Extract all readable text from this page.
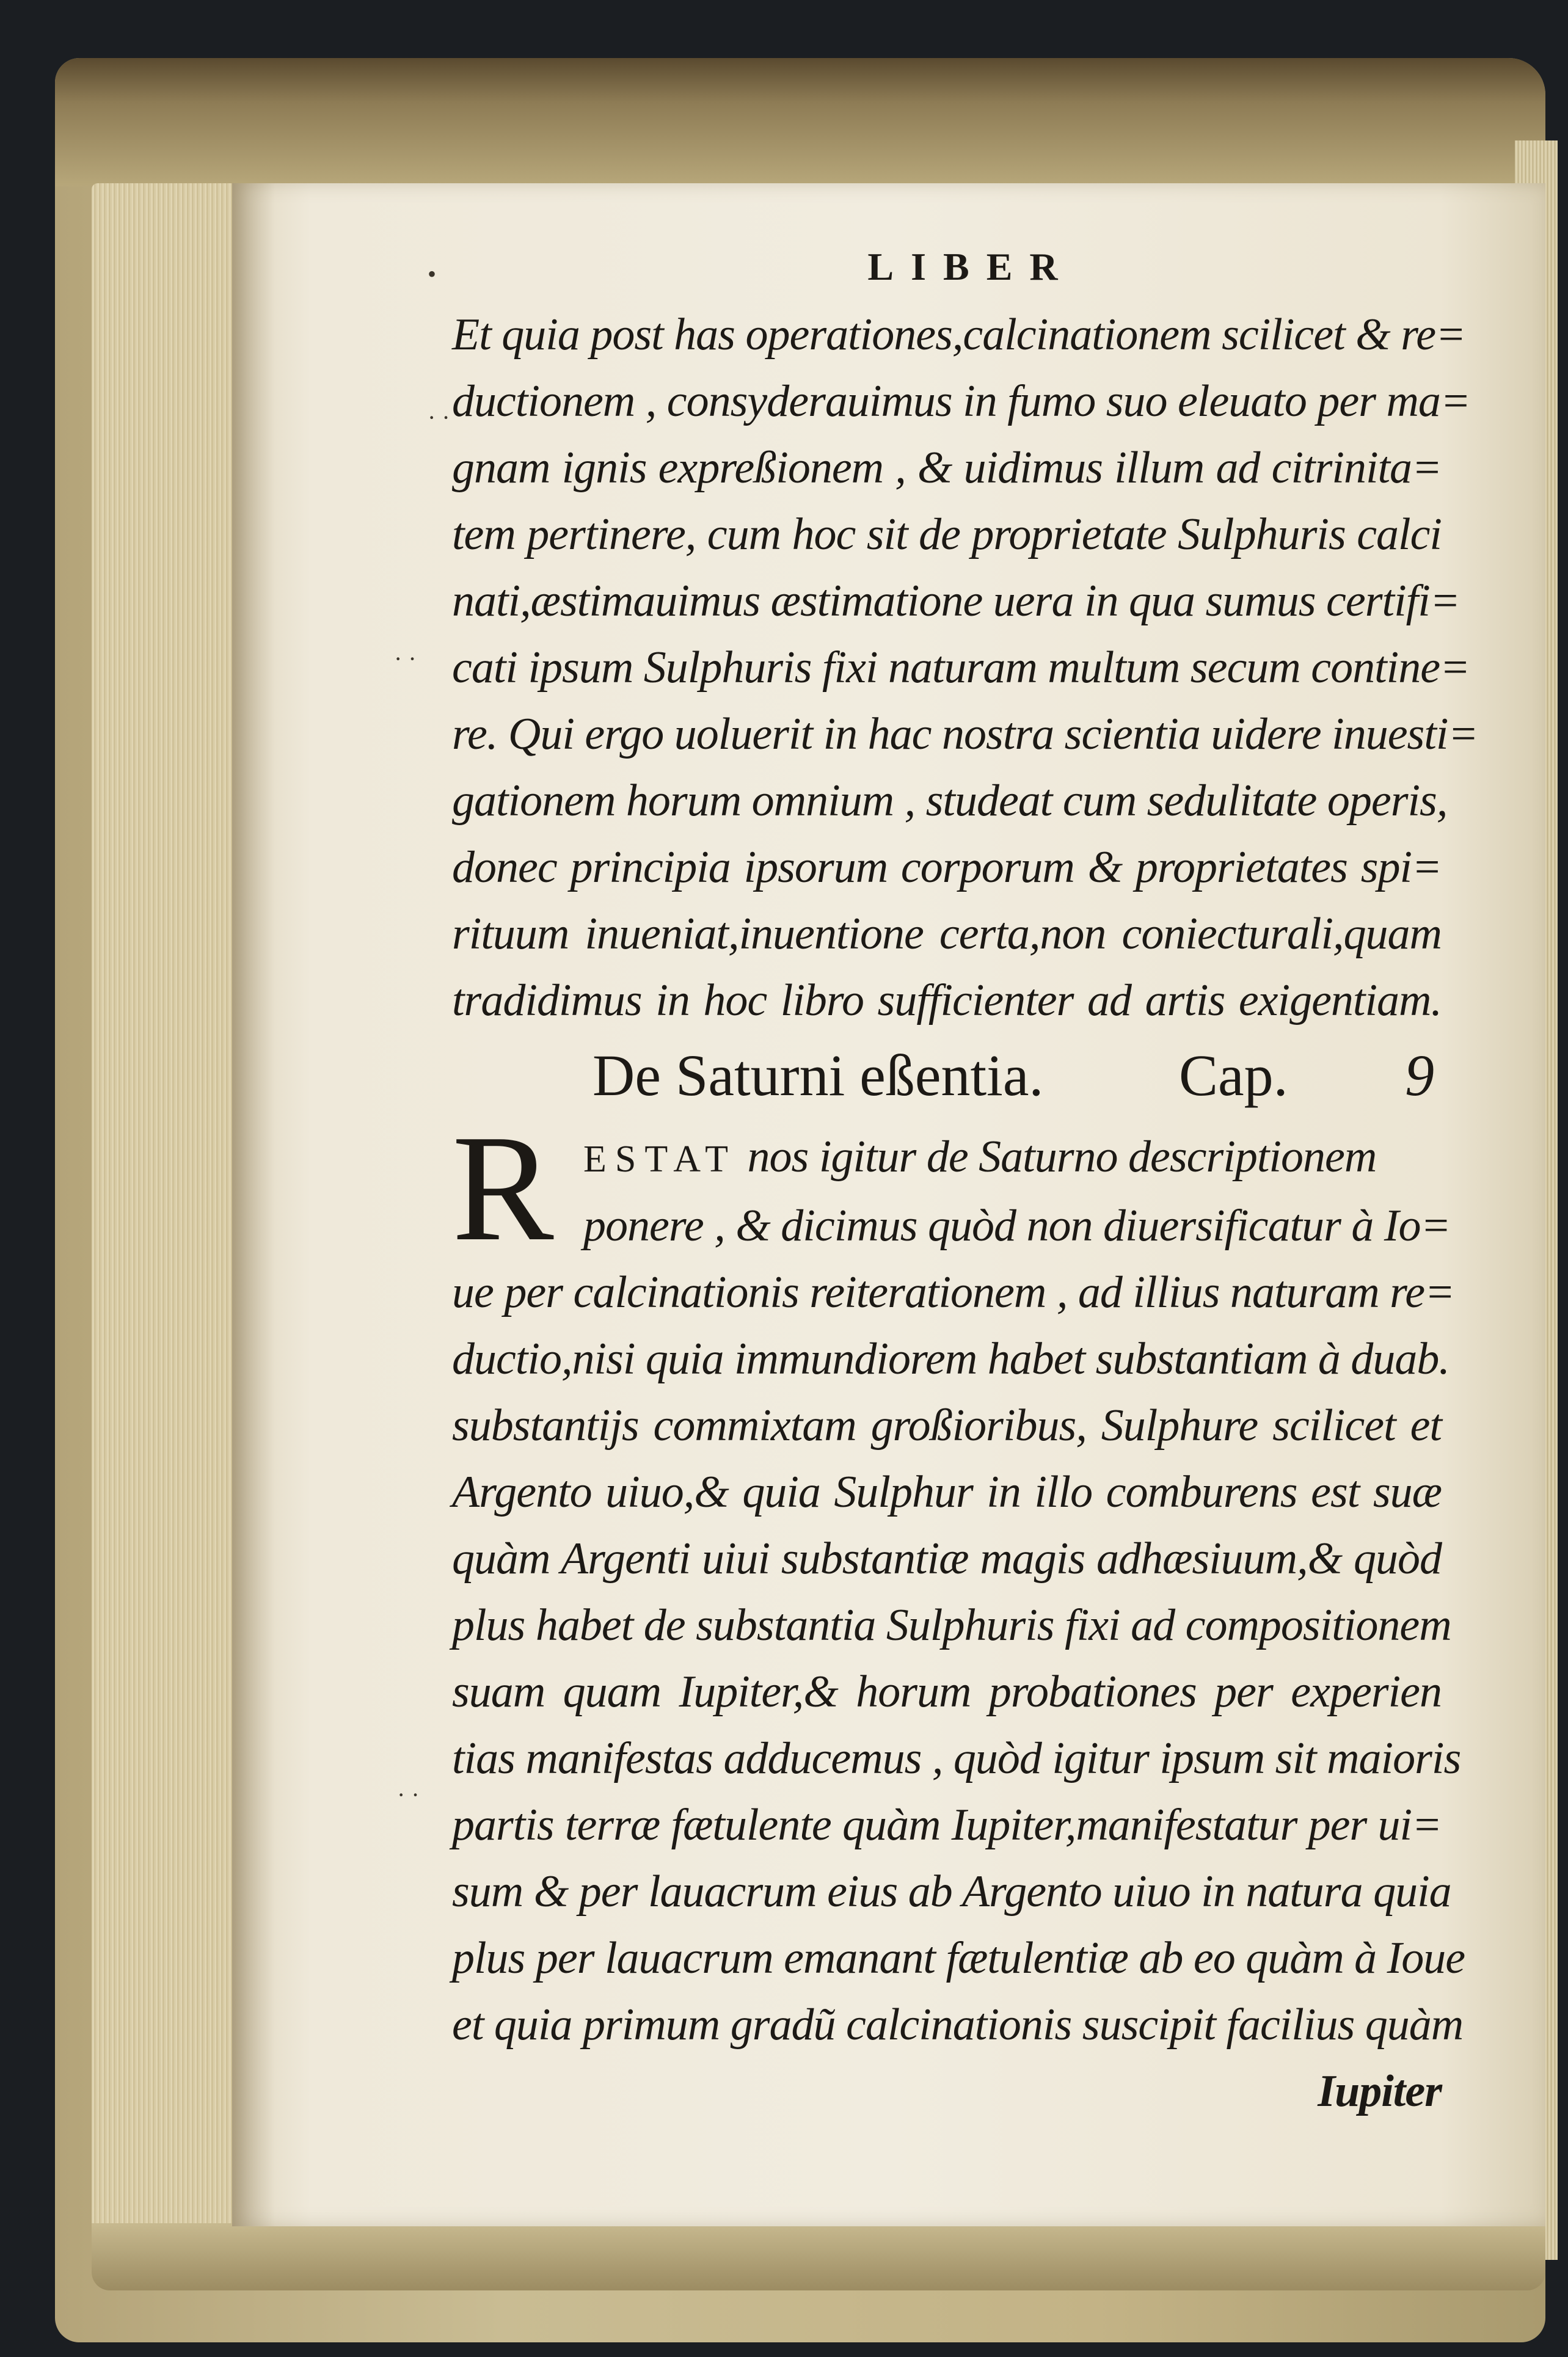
•
· ·
· ·
· ·
LIBER
Et quia post has operationes,calcinationem scilicet & re=
ductionem , consyderauimus in fumo suo eleuato per ma=
gnam ignis expreßionem , & uidimus illum ad citrinita=
tem pertinere, cum hoc sit de proprietate Sulphuris calci
nati,æstimauimus æstimatione uera in qua sumus certifi=
cati ipsum Sulphuris fixi naturam multum secum contine=
re. Qui ergo uoluerit in hac nostra scientia uidere inuesti=
gationem horum omnium , studeat cum sedulitate operis,
donec principia ipsorum corporum & proprietates spi=
rituum inueniat,inuentione certa,non coniecturali,quam
tradidimus in hoc libro sufficienter ad artis exigentiam.
De Saturni eßentia. Cap. 9
R ESTAT nos igitur de Saturno descriptionem
ponere , & dicimus quòd non diuersificatur à Io=
ue per calcinationis reiterationem , ad illius naturam re=
ductio,nisi quia immundiorem habet substantiam à duab.
substantijs commixtam großioribus, Sulphure scilicet et
Argento uiuo,& quia Sulphur in illo comburens est suæ
quàm Argenti uiui substantiæ magis adhæsiuum,& quòd
plus habet de substantia Sulphuris fixi ad compositionem
suam quam Iupiter,& horum probationes per experien
tias manifestas adducemus , quòd igitur ipsum sit maioris
partis terræ fætulente quàm Iupiter,manifestatur per ui=
sum & per lauacrum eius ab Argento uiuo in natura quia
plus per lauacrum emanant fætulentiæ ab eo quàm à Ioue
et quia primum gradũ calcinationis suscipit facilius quàm
Iupiter
